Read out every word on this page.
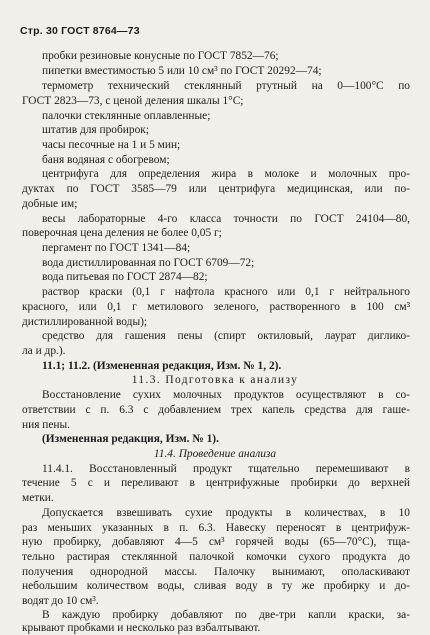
Стр. 30 ГОСТ 8764—73
пробки резиновые конусные по ГОСТ 7852—76;
пипетки вместимостью 5 или 10 см³ по ГОСТ 20292—74;
термометр технический стеклянный ртутный на 0—100°С по
ГОСТ 2823—73, с ценой деления шкалы 1°С;
палочки стеклянные оплавленные;
штатив для пробирок;
часы песочные на 1 и 5 мин;
баня водяная с обогревом;
центрифуга для определения жира в молоке и молочных про-
дуктах по ГОСТ 3585—79 или центрифуга медицинская, или по-
добные им;
весы лабораторные 4-го класса точности по ГОСТ 24104—80,
поверочная цена деления не более 0,05 г;
пергамент по ГОСТ 1341—84;
вода дистиллированная по ГОСТ 6709—72;
вода питьевая по ГОСТ 2874—82;
раствор краски (0,1 г нафтола красного или 0,1 г нейтрального
красного, или 0,1 г метилового зеленого, растворенного в 100 см³
дистиллированной воды);
средство для гашения пены (спирт октиловый, лаурат диглико-
ла и др.).
11.1; 11.2. (Измененная редакция, Изм. № 1, 2).
11.3. Подготовка к анализу
Восстановление сухих молочных продуктов осуществляют в со-
ответствии с п. 6.3 с добавлением трех капель средства для гаше-
ния пены.
(Измененная редакция, Изм. № 1).
11.4. Проведение анализа
11.4.1. Восстановленный продукт тщательно перемешивают в
течение 5 с и переливают в центрифужные пробирки до верхней
метки.
Допускается взвешивать сухие продукты в количествах, в 10
раз меньших указанных в п. 6.3. Навеску переносят в центрифуж-
ную пробирку, добавляют 4—5 см³ горячей воды (65—70°С), тща-
тельно растирая стеклянной палочкой комочки сухого продукта до
получения однородной массы. Палочку вынимают, ополаскивают
небольшим количеством воды, сливая воду в ту же пробирку и до-
водят до 10 см³.
В каждую пробирку добавляют по две-три капли краски, за-
крывают пробками и несколько раз взбалтывают.
